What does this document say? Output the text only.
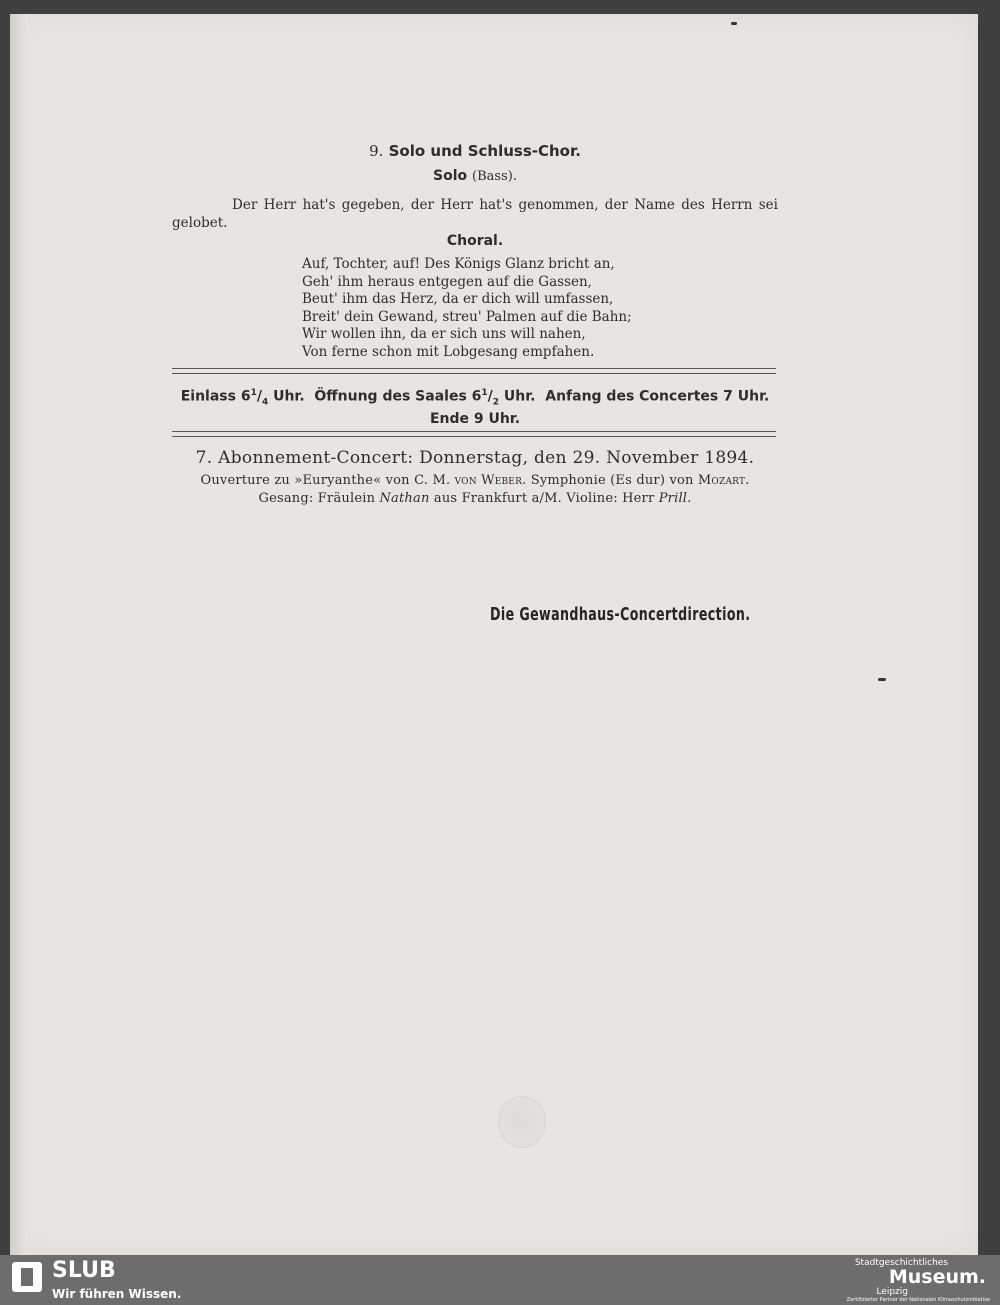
9. Solo und Schluss-Chor.
Solo (Bass).
Der Herr hat's gegeben, der Herr hat's genommen, der Name des Herrn sei gelobet.
Choral.
Auf, Tochter, auf! Des Königs Glanz bricht an,
Geh' ihm heraus entgegen auf die Gassen,
Beut' ihm das Herz, da er dich will umfassen,
Breit' dein Gewand, streu' Palmen auf die Bahn;
Wir wollen ihn, da er sich uns will nahen,
Von ferne schon mit Lobgesang empfahen.
Einlass $6^1/_4$ Uhr. Öffnung des Saales $6^1/_2$ Uhr. Anfang des Concertes 7 Uhr.
Ende 9 Uhr.
7. Abonnement-Concert: Donnerstag, den 29. November 1894.
Ouverture zu »Euryanthe« von C. M. von Weber. Symphonie (Es dur) von Mozart.
Gesang: Fräulein Nathan aus Frankfurt a/M. Violine: Herr Prill.
Die Gewandhaus-Concertdirection.
SLUB
Wir führen Wissen.
Stadtgeschichtliches
Museum.
Leipzig
Zertifizierter Partner der Nationalen Klimaschutzinitiative
